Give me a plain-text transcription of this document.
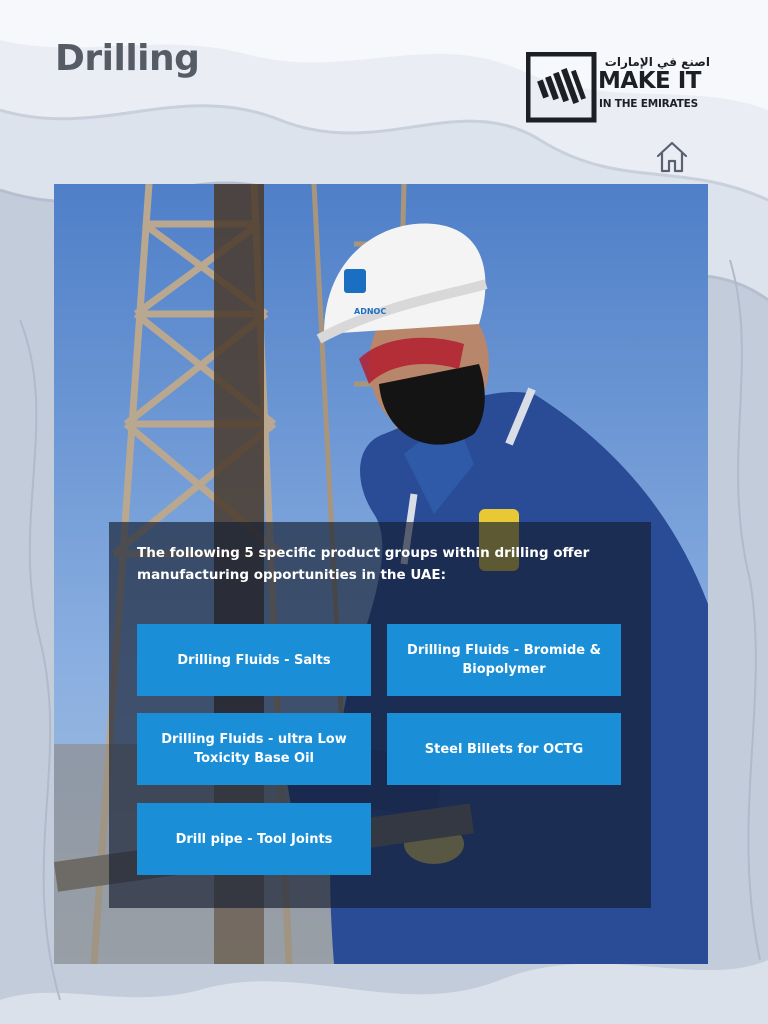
Drilling	اصنع في الإمارات
MAKE IT
IN THE EMIRATES
ADNOC

The following 5 specific product groups within drilling offer manufacturing opportunities in the UAE:

Drilling Fluids - Salts
Drilling Fluids - Bromide & Biopolymer
Drilling Fluids - ultra Low Toxicity Base Oil
Steel Billets for OCTG
Drill pipe - Tool Joints
